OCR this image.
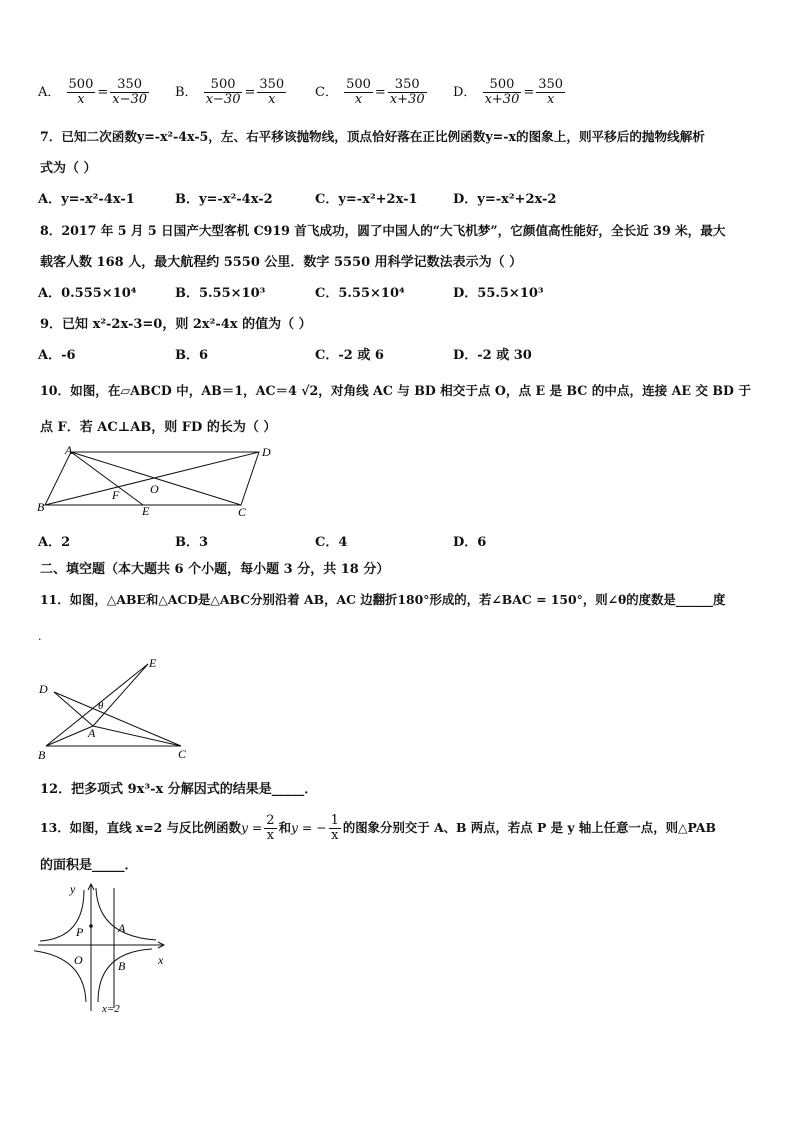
A． $\frac{500}{x} = \frac{350}{x-30}$ B． $\frac{500}{x-30} = \frac{350}{x}$ C． $\frac{500}{x} = \frac{350}{x+30}$ D． $\frac{500}{x+30} = \frac{350}{x}$
7．已知二次函数y=-x²-4x-5，左、右平移该抛物线，顶点恰好落在正比例函数y=-x的图象上，则平移后的抛物线解析
式为（ ）
A．y=-x²-4x-1	B．y=-x²-4x-2	C．y=-x²+2x-1	D．y=-x²+2x-2
8．2017 年 5 月 5 日国产大型客机 C919 首飞成功，圆了中国人的“大飞机梦”，它颜值高性能好，全长近 39 米，最大
载客人数 168 人，最大航程约 5550 公里．数字 5550 用科学记数法表示为（ ）
A．0.555×10⁴	B．5.55×10³	C．5.55×10⁴	D．55.5×10³
9．已知 x²-2x-3=0，则 2x²-4x 的值为（ ）
A．-6	B．6	C．-2 或 6	D．-2 或 30
10．如图，在▱ABCD 中，AB＝1，AC＝4 √2，对角线 AC 与 BD 相交于点 O，点 E 是 BC 的中点，连接 AE 交 BD 于
点 F．若 AC⊥AB，则 FD 的长为（ ）
A	D
B	C
E
F	O
A．2	B．3	C．4	D．6
二、填空题（本大题共 6 个小题，每小题 3 分，共 18 分）
11．如图，△ABE和△ACD是△ABC分别沿着 AB，AC 边翻折180°形成的，若∠BAC = 150°，则∠θ的度数是______度
.
E
D
B	C
A
θ
12．把多项式 9x³-x 分解因式的结果是_____．
13．如图，直线 x=2 与反比例函数$y = \frac{2}{x}$ 和y = − $\frac{1}{x}$ 的图象分别交于 A、B 两点，若点 P 是 y 轴上任意一点，则△PAB
的面积是_____．
y
x
O
P	A
B
x=2
